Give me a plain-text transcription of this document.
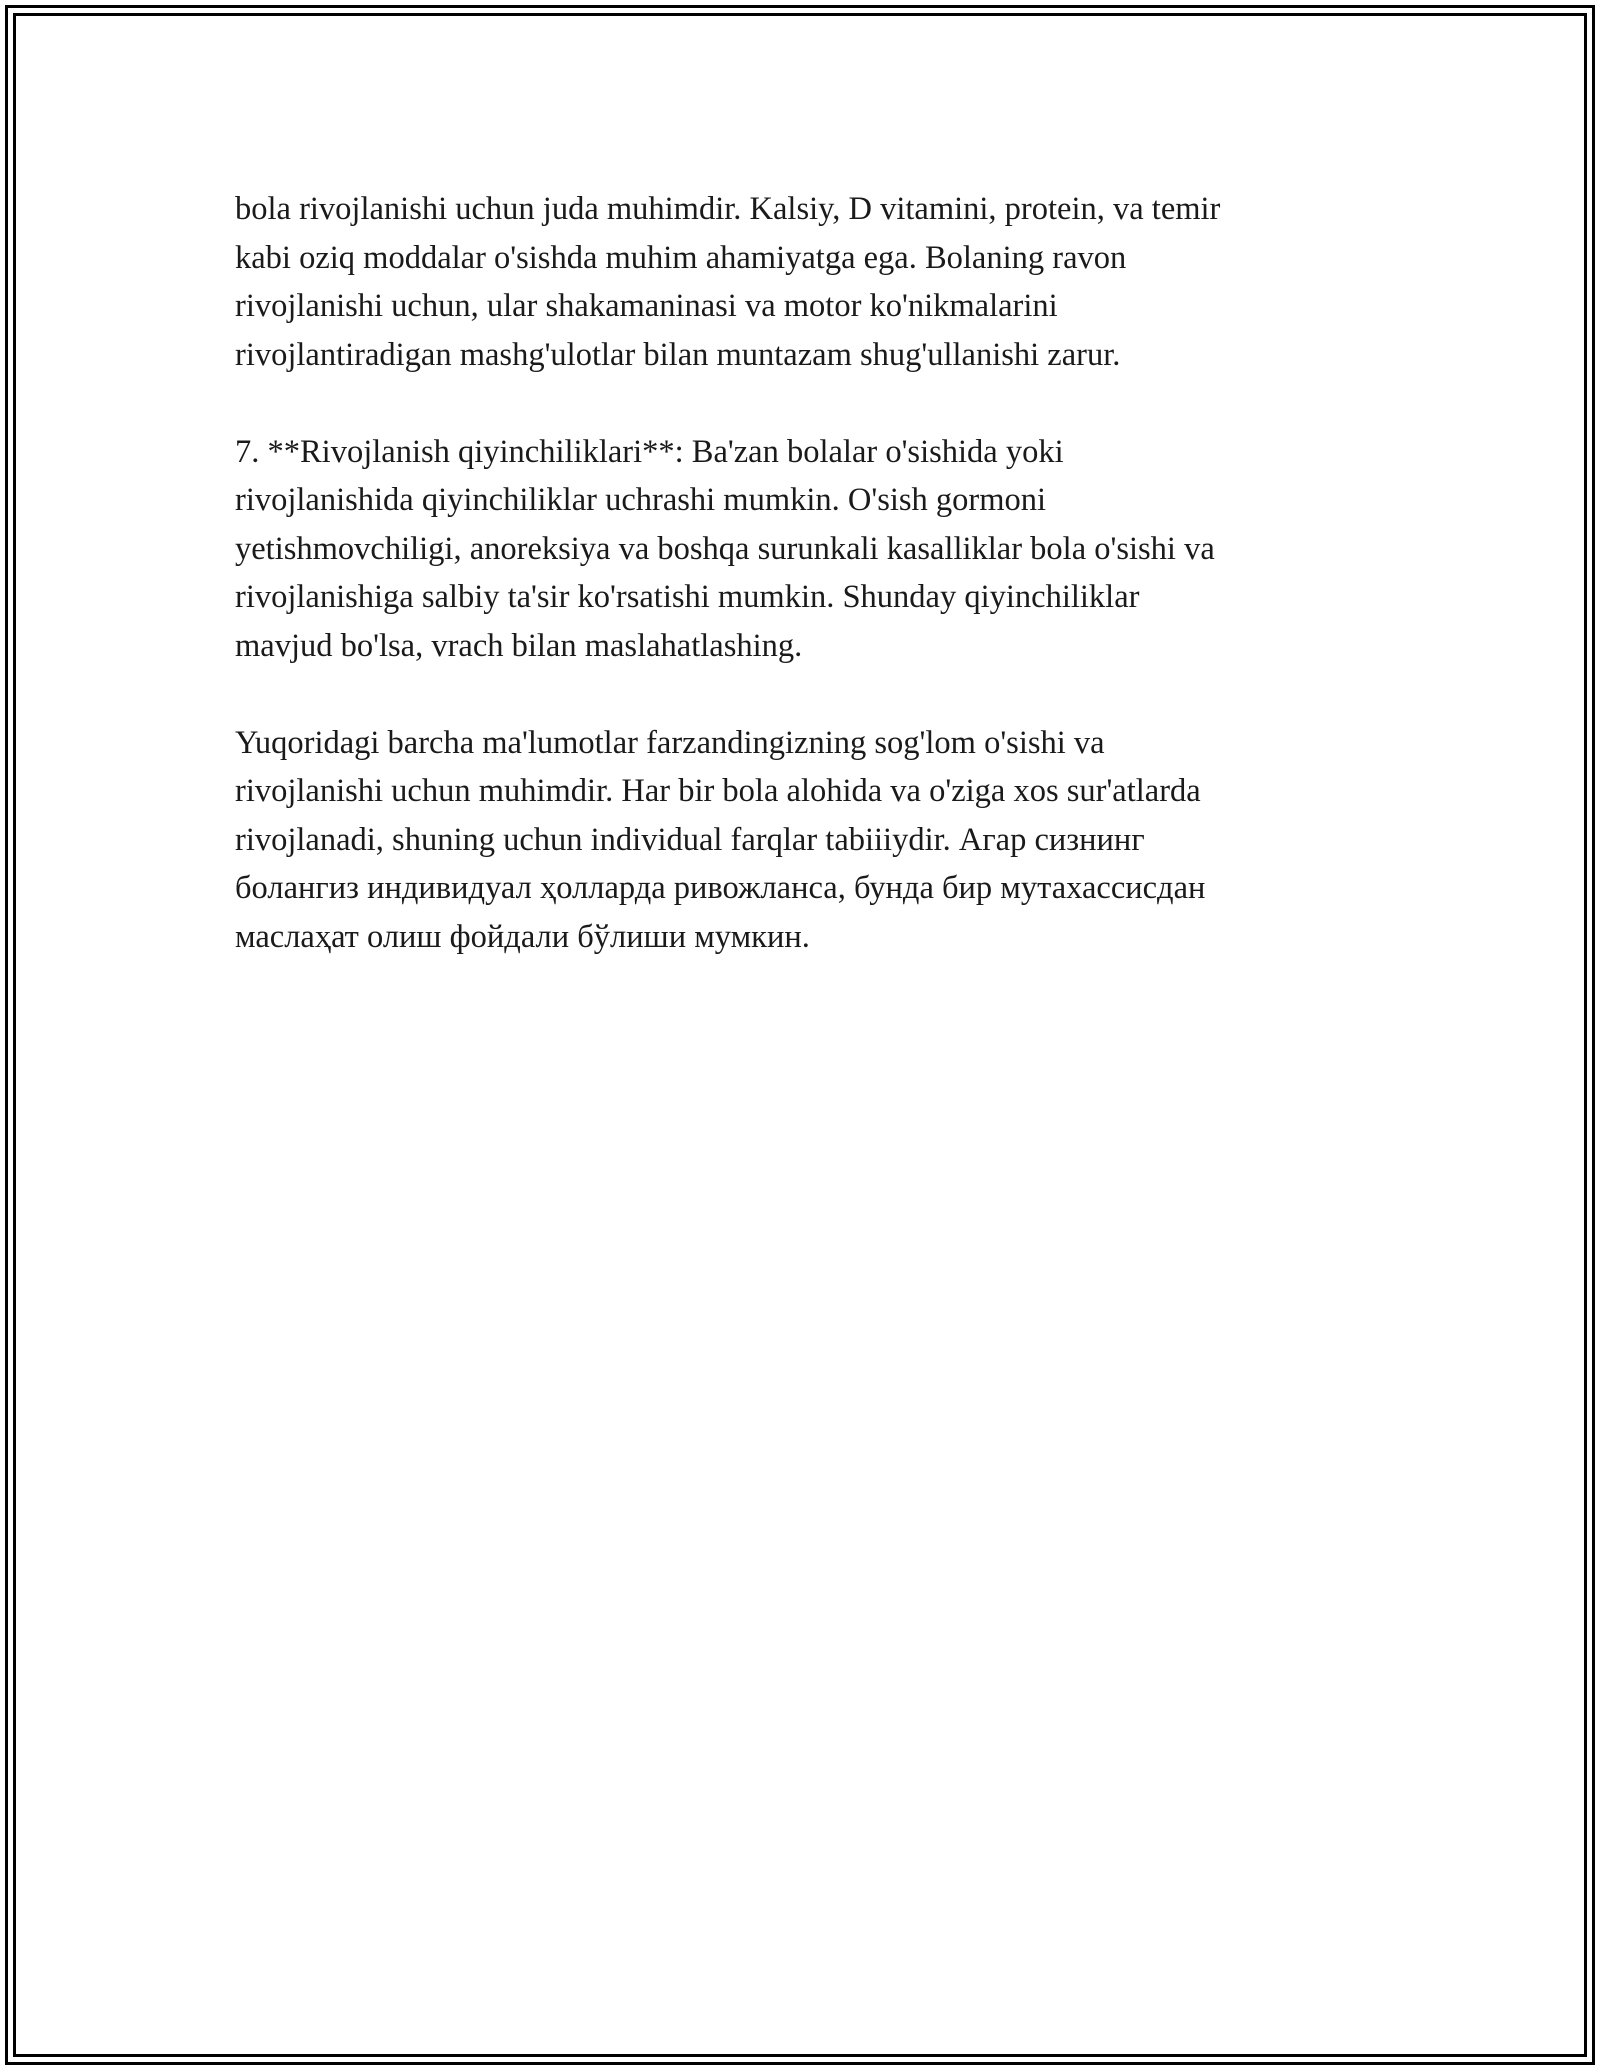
bola rivojlanishi uchun juda muhimdir. Kalsiy, D vitamini, protein, va temir
kabi oziq moddalar o'sishda muhim ahamiyatga ega. Bolaning ravon
rivojlanishi uchun, ular shakamaninasi va motor ko'nikmalarini
rivojlantiradigan mashg'ulotlar bilan muntazam shug'ullanishi zarur.

7. **Rivojlanish qiyinchiliklari**: Ba'zan bolalar o'sishida yoki
rivojlanishida qiyinchiliklar uchrashi mumkin. O'sish gormoni
yetishmovchiligi, anoreksiya va boshqa surunkali kasalliklar bola o'sishi va
rivojlanishiga salbiy ta'sir ko'rsatishi mumkin. Shunday qiyinchiliklar
mavjud bo'lsa, vrach bilan maslahatlashing.

Yuqoridagi barcha ma'lumotlar farzandingizning sog'lom o'sishi va
rivojlanishi uchun muhimdir. Har bir bola alohida va o'ziga xos sur'atlarda
rivojlanadi, shuning uchun individual farqlar tabiiiydir. Агар сизнинг
болангиз индивидуал ҳолларда ривожланса, бунда бир мутахассисдан
маслаҳат олиш фойдали бўлиши мумкин.
